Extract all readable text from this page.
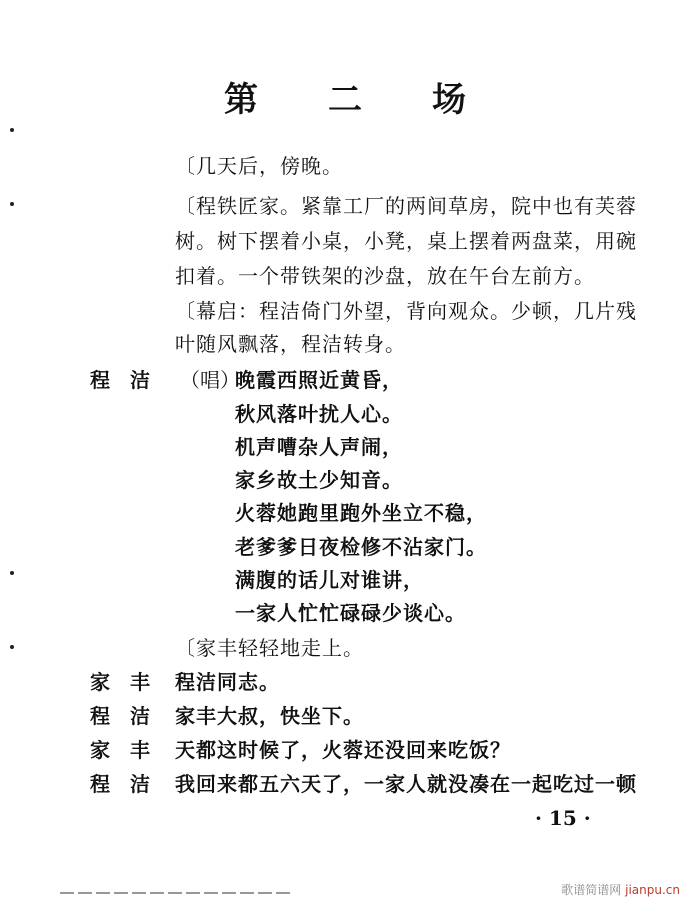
第二场
〔几天后，傍晚。
〔程铁匠家。紧靠工厂的两间草房，院中也有芙蓉
树。树下摆着小桌，小凳，桌上摆着两盘菜，用碗
扣着。一个带铁架的沙盘，放在午台左前方。
〔幕启：程洁倚门外望，背向观众。少顿，几片残
叶随风飘落，程洁转身。
程洁 （唱）
晚霞西照近黄昏，
秋风落叶扰人心。
机声嘈杂人声闹，
家乡故土少知音。
火蓉她跑里跑外坐立不稳，
老爹爹日夜检修不沾家门。
满腹的话儿对谁讲，
一家人忙忙碌碌少谈心。
〔家丰轻轻地走上。
家丰 程洁同志。
程洁 家丰大叔，快坐下。
家丰 天都这时候了，火蓉还没回来吃饭？
程洁 我回来都五六天了，一家人就没凑在一起吃过一顿
· 15 ·
歌谱简谱网 jianpu.cn
